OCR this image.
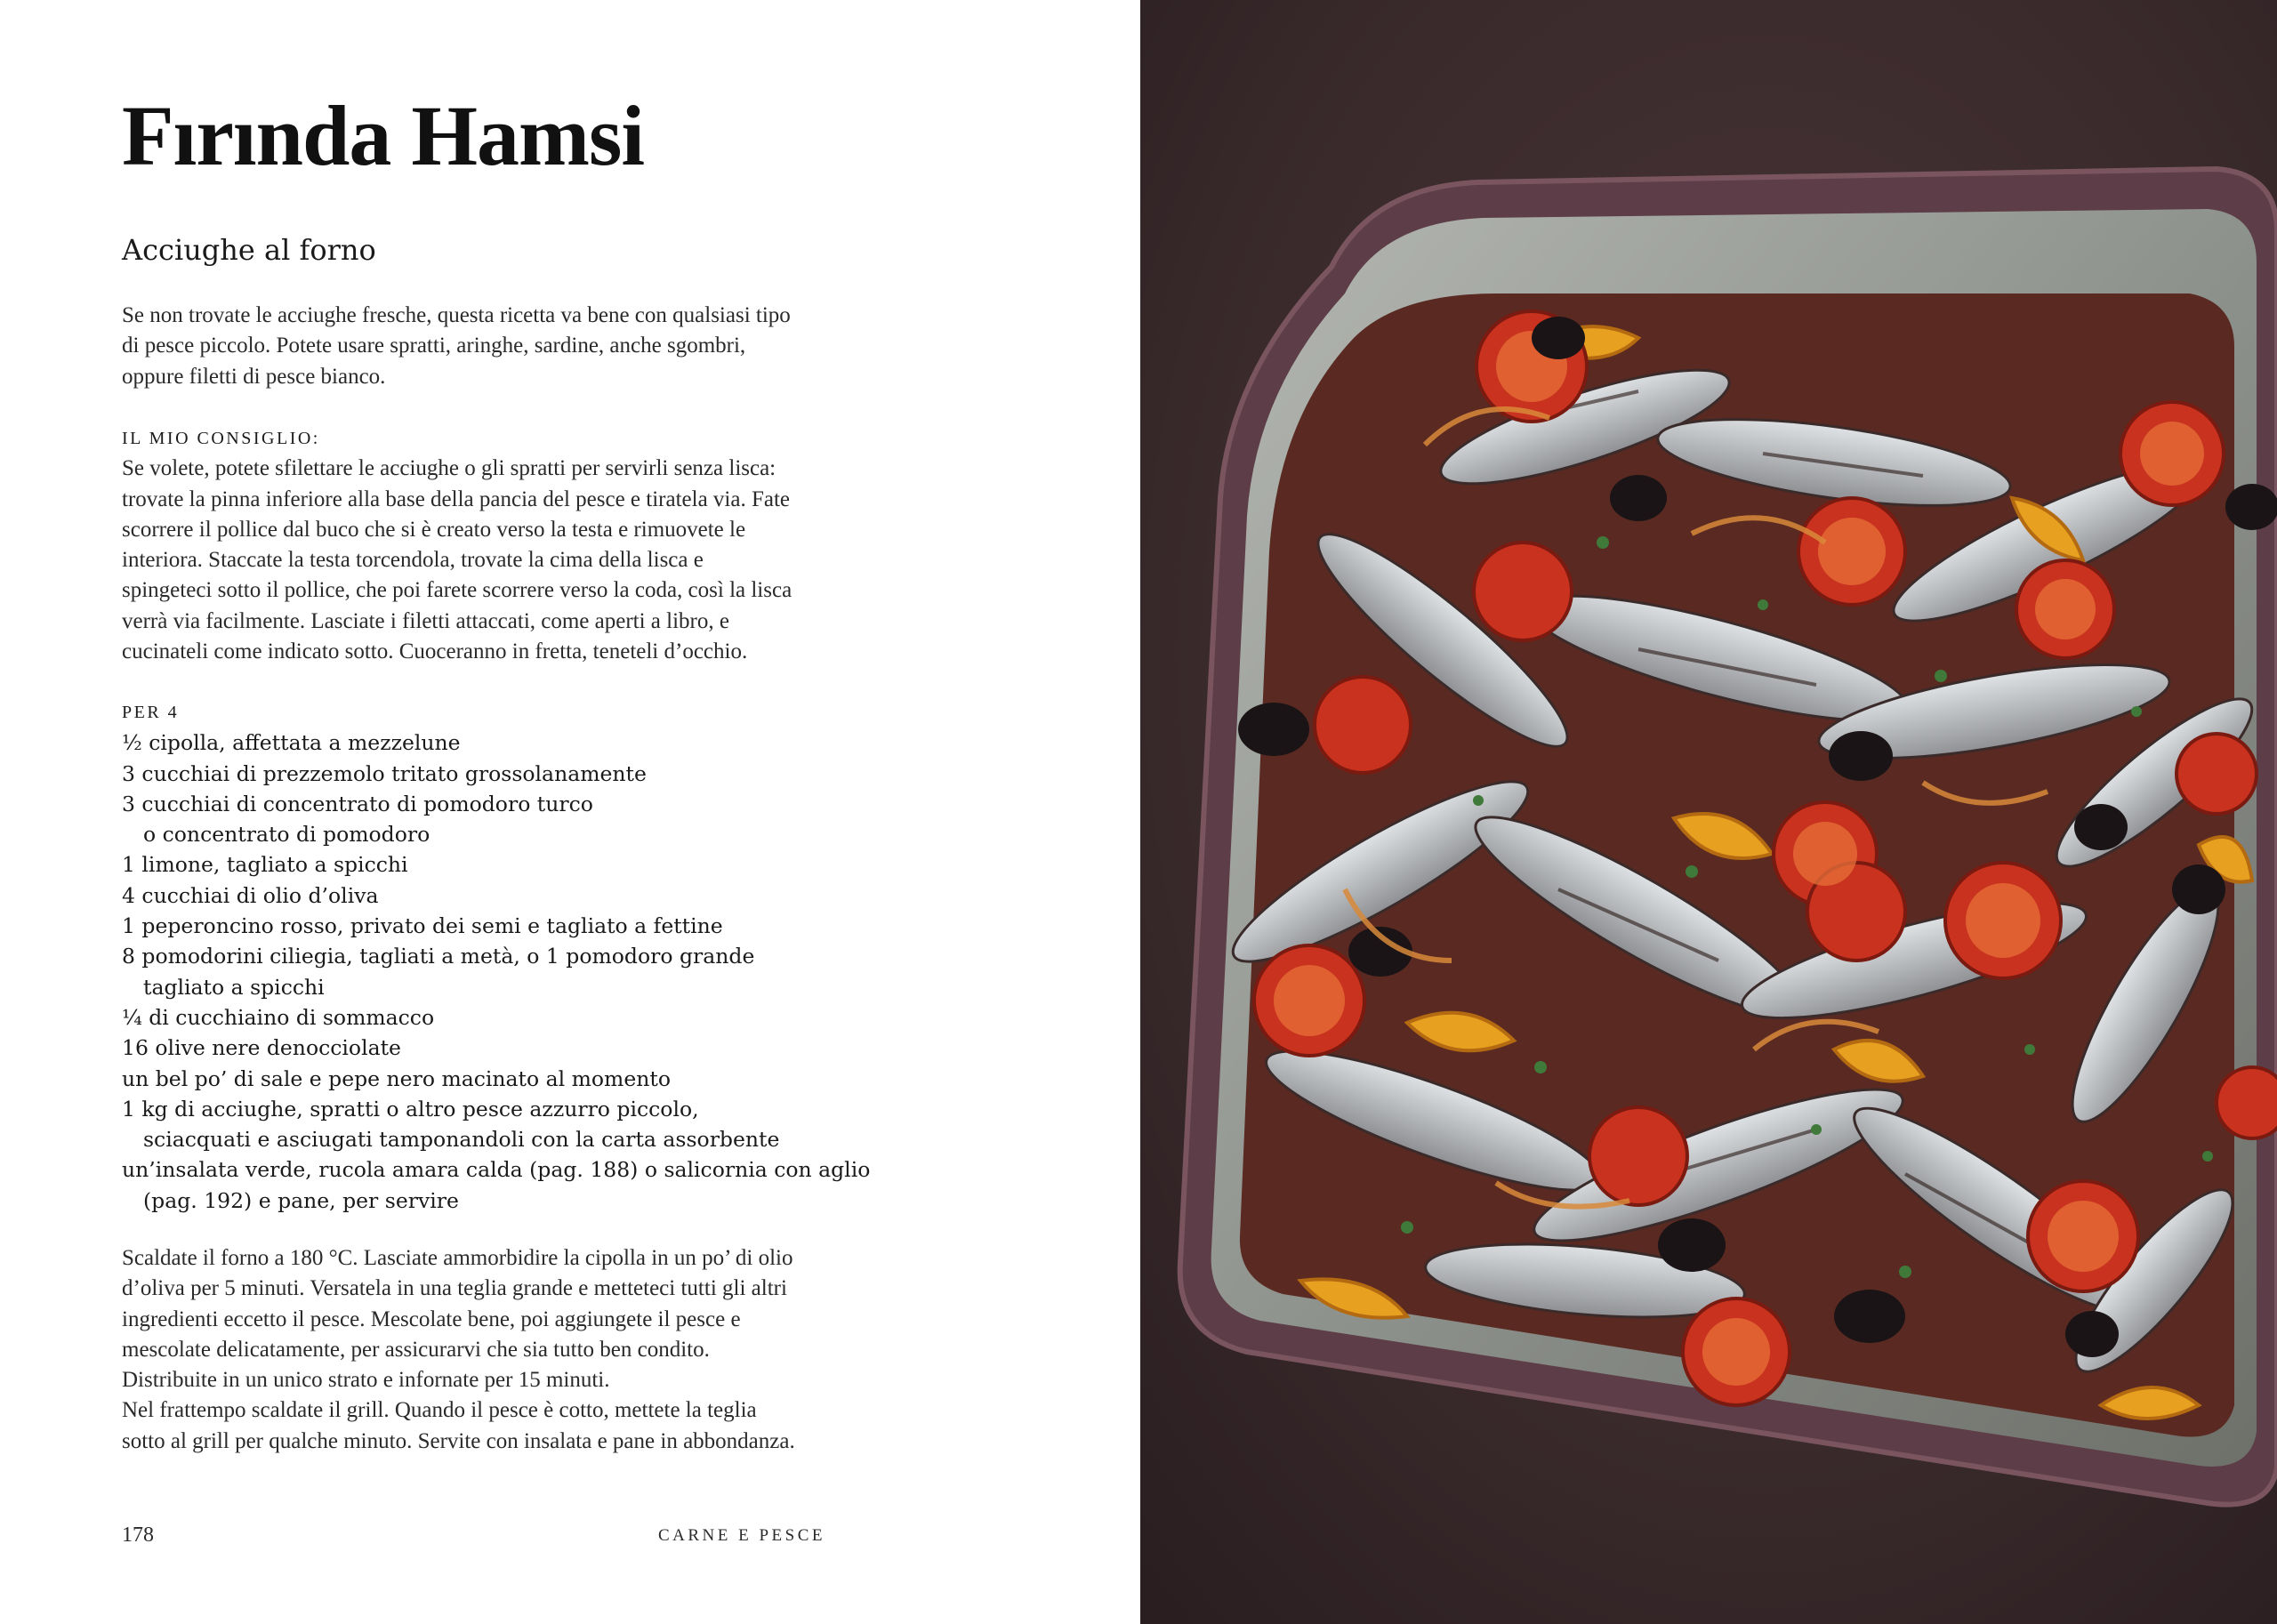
Fırında Hamsi
Acciughe al forno

Se non trovate le acciughe fresche, questa ricetta va bene con qualsiasi tipo

di pesce piccolo. Potete usare spratti, aringhe, sardine, anche sgombri,

oppure filetti di pesce bianco.

IL MIO CONSIGLIO:

Se volete, potete sfilettare le acciughe o gli spratti per servirli senza lisca:

trovate la pinna inferiore alla base della pancia del pesce e tiratela via. Fate

scorrere il pollice dal buco che si è creato verso la testa e rimuovete le

interiora. Staccate la testa torcendola, trovate la cima della lisca e

spingeteci sotto il pollice, che poi farete scorrere verso la coda, così la lisca

verrà via facilmente. Lasciate i filetti attaccati, come aperti a libro, e

cucinateli come indicato sotto. Cuoceranno in fretta, teneteli d’occhio.

PER 4

½ cipolla, affettata a mezzelune
3 cucchiai di prezzemolo tritato grossolanamente
3 cucchiai di concentrato di pomodoro turco
o concentrato di pomodoro
1 limone, tagliato a spicchi
4 cucchiai di olio d’oliva
1 peperoncino rosso, privato dei semi e tagliato a fettine
8 pomodorini ciliegia, tagliati a metà, o 1 pomodoro grande
tagliato a spicchi
¼ di cucchiaino di sommacco
16 olive nere denocciolate
un bel po’ di sale e pepe nero macinato al momento
1 kg di acciughe, spratti o altro pesce azzurro piccolo,
sciacquati e asciugati tamponandoli con la carta assorbente
un’insalata verde, rucola amara calda (pag. 188) o salicornia con aglio
(pag. 192) e pane, per servire

Scaldate il forno a 180 °C. Lasciate ammorbidire la cipolla in un po’ di olio

d’oliva per 5 minuti. Versatela in una teglia grande e metteteci tutti gli altri

ingredienti eccetto il pesce. Mescolate bene, poi aggiungete il pesce e

mescolate delicatamente, per assicurarvi che sia tutto ben condito.

Distribuite in un unico strato e infornate per 15 minuti.

Nel frattempo scaldate il grill. Quando il pesce è cotto, mettete la teglia

sotto al grill per qualche minuto. Servite con insalata e pane in abbondanza.

178	CARNE E PESCE
